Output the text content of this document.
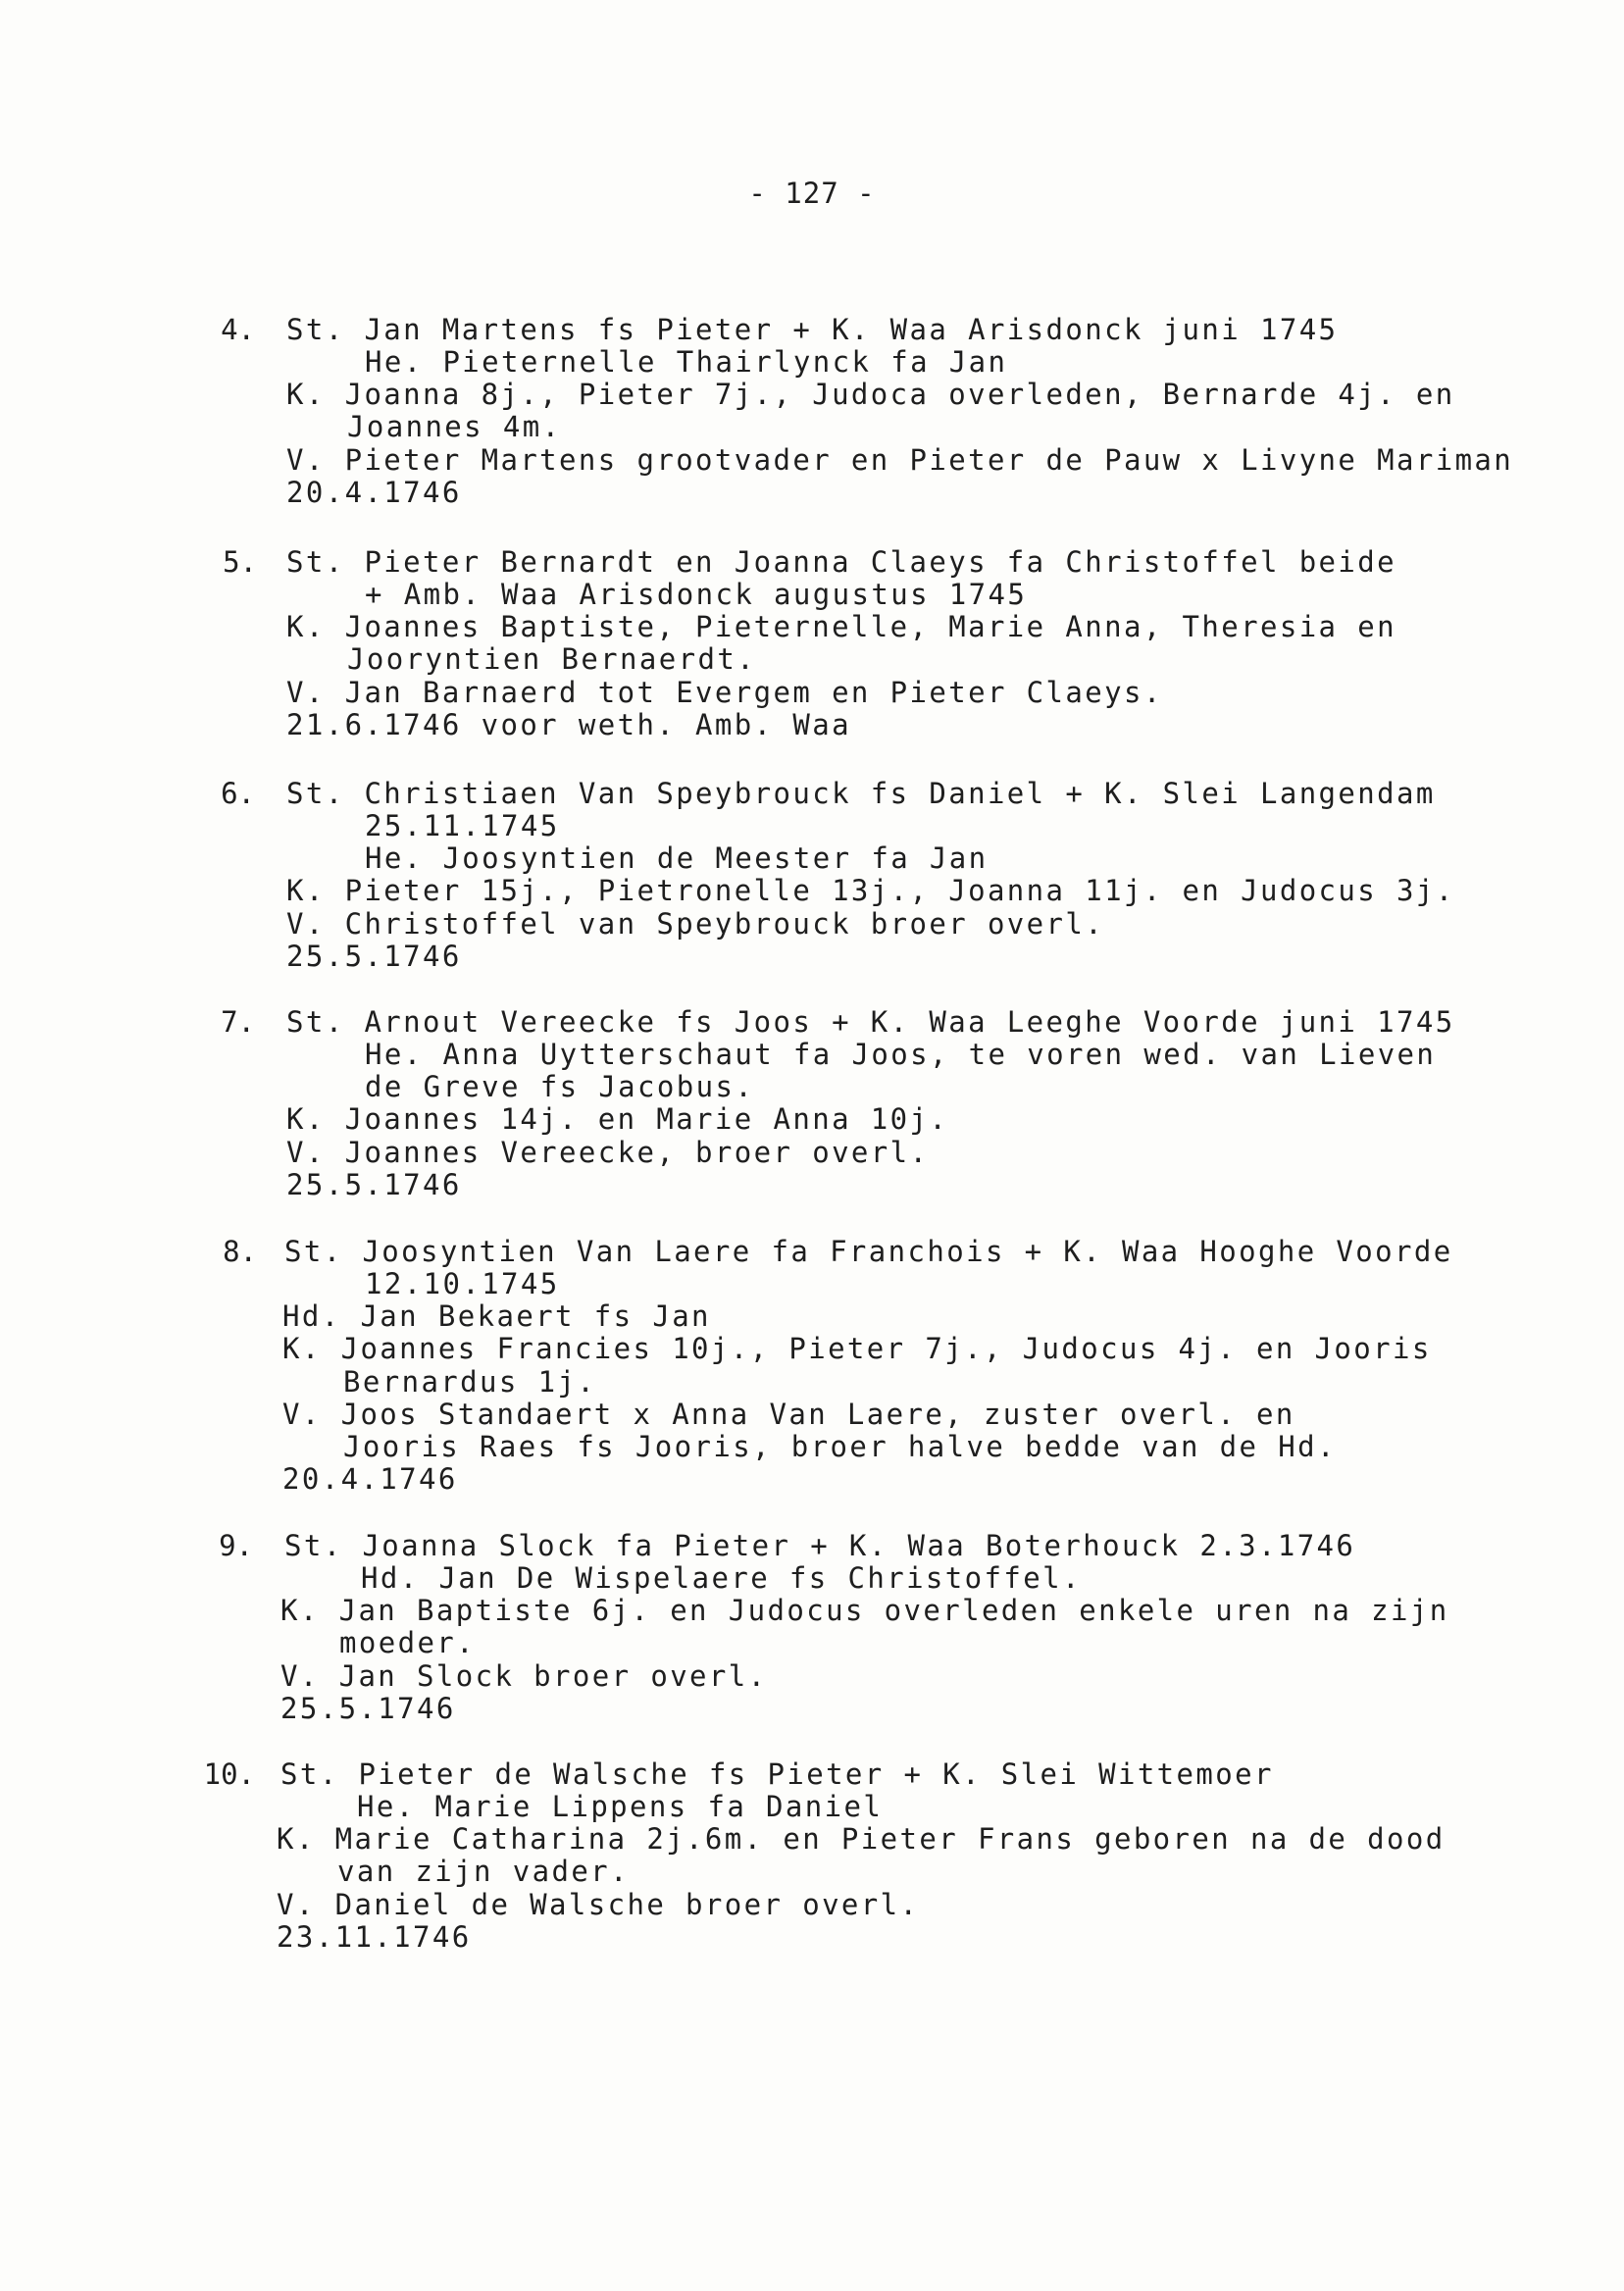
- 127 -
4. St. Jan Martens fs Pieter + K. Waa Arisdonck juni 1745
He. Pieternelle Thairlynck fa Jan
K. Joanna 8j., Pieter 7j., Judoca overleden, Bernarde 4j. en
Joannes 4m.
V. Pieter Martens grootvader en Pieter de Pauw x Livyne Mariman
20.4.1746
5. St. Pieter Bernardt en Joanna Claeys fa Christoffel beide
+ Amb. Waa Arisdonck augustus 1745
K. Joannes Baptiste, Pieternelle, Marie Anna, Theresia en
Jooryntien Bernaerdt.
V. Jan Barnaerd tot Evergem en Pieter Claeys.
21.6.1746 voor weth. Amb. Waa
6. St. Christiaen Van Speybrouck fs Daniel + K. Slei Langendam
25.11.1745
He. Joosyntien de Meester fa Jan
K. Pieter 15j., Pietronelle 13j., Joanna 11j. en Judocus 3j.
V. Christoffel van Speybrouck broer overl.
25.5.1746
7. St. Arnout Vereecke fs Joos + K. Waa Leeghe Voorde juni 1745
He. Anna Uytterschaut fa Joos, te voren wed. van Lieven
de Greve fs Jacobus.
K. Joannes 14j. en Marie Anna 10j.
V. Joannes Vereecke, broer overl.
25.5.1746
8. St. Joosyntien Van Laere fa Franchois + K. Waa Hooghe Voorde
12.10.1745
Hd. Jan Bekaert fs Jan
K. Joannes Francies 10j., Pieter 7j., Judocus 4j. en Jooris
Bernardus 1j.
V. Joos Standaert x Anna Van Laere, zuster overl. en
Jooris Raes fs Jooris, broer halve bedde van de Hd.
20.4.1746
9. St. Joanna Slock fa Pieter + K. Waa Boterhouck 2.3.1746
Hd. Jan De Wispelaere fs Christoffel.
K. Jan Baptiste 6j. en Judocus overleden enkele uren na zijn
moeder.
V. Jan Slock broer overl.
25.5.1746
10. St. Pieter de Walsche fs Pieter + K. Slei Wittemoer
He. Marie Lippens fa Daniel
K. Marie Catharina 2j.6m. en Pieter Frans geboren na de dood
van zijn vader.
V. Daniel de Walsche broer overl.
23.11.1746
